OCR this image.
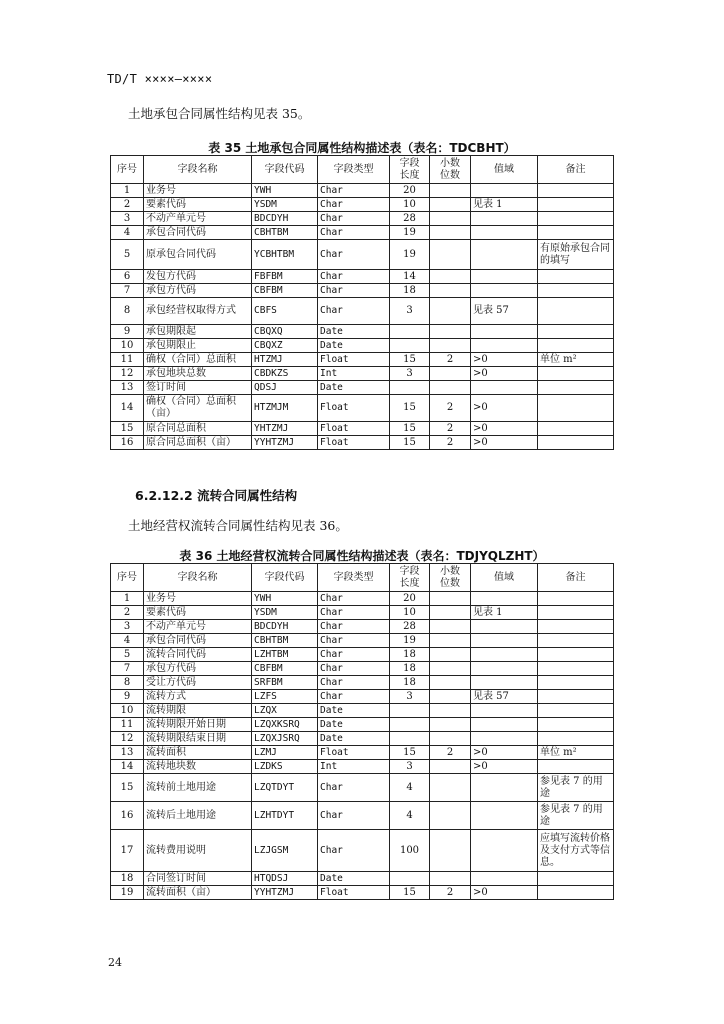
TD/T ××××—××××
土地承包合同属性结构见表 35。
表 35 土地承包合同属性结构描述表（表名：TDCBHT）
序号	字段名称	字段代码	字段类型	字段长度	小数位数	值域	备注
1	业务号	YWH	Char	20			
2	要素代码	YSDM	Char	10		见表 1	
3	不动产单元号	BDCDYH	Char	28			
4	承包合同代码	CBHTBM	Char	19			
5	原承包合同代码	YCBHTBM	Char	19			有原始承包合同的填写
6	发包方代码	FBFBM	Char	14			
7	承包方代码	CBFBM	Char	18			
8	承包经营权取得方式	CBFS	Char	3		见表 57	
9	承包期限起	CBQXQ	Date				
10	承包期限止	CBQXZ	Date				
11	确权（合同）总面积	HTZMJ	Float	15	2	>0	单位 m²
12	承包地块总数	CBDKZS	Int	3		>0	
13	签订时间	QDSJ	Date				
14	确权（合同）总面积（亩）	HTZMJM	Float	15	2	>0	
15	原合同总面积	YHTZMJ	Float	15	2	>0	
16	原合同总面积（亩）	YYHTZMJ	Float	15	2	>0	
6.2.12.2 流转合同属性结构
土地经营权流转合同属性结构见表 36。
表 36 土地经营权流转合同属性结构描述表（表名：TDJYQLZHT）
序号	字段名称	字段代码	字段类型	字段长度	小数位数	值域	备注
1	业务号	YWH	Char	20			
2	要素代码	YSDM	Char	10		见表 1	
3	不动产单元号	BDCDYH	Char	28			
4	承包合同代码	CBHTBM	Char	19			
5	流转合同代码	LZHTBM	Char	18			
7	承包方代码	CBFBM	Char	18			
8	受让方代码	SRFBM	Char	18			
9	流转方式	LZFS	Char	3		见表 57	
10	流转期限	LZQX	Date				
11	流转期限开始日期	LZQXKSRQ	Date				
12	流转期限结束日期	LZQXJSRQ	Date				
13	流转面积	LZMJ	Float	15	2	>0	单位 m²
14	流转地块数	LZDKS	Int	3		>0	
15	流转前土地用途	LZQTDYT	Char	4			参见表 7 的用途
16	流转后土地用途	LZHTDYT	Char	4			参见表 7 的用途
17	流转费用说明	LZJGSM	Char	100			应填写流转价格及支付方式等信息。
18	合同签订时间	HTQDSJ	Date				
19	流转面积（亩）	YYHTZMJ	Float	15	2	>0	
24
